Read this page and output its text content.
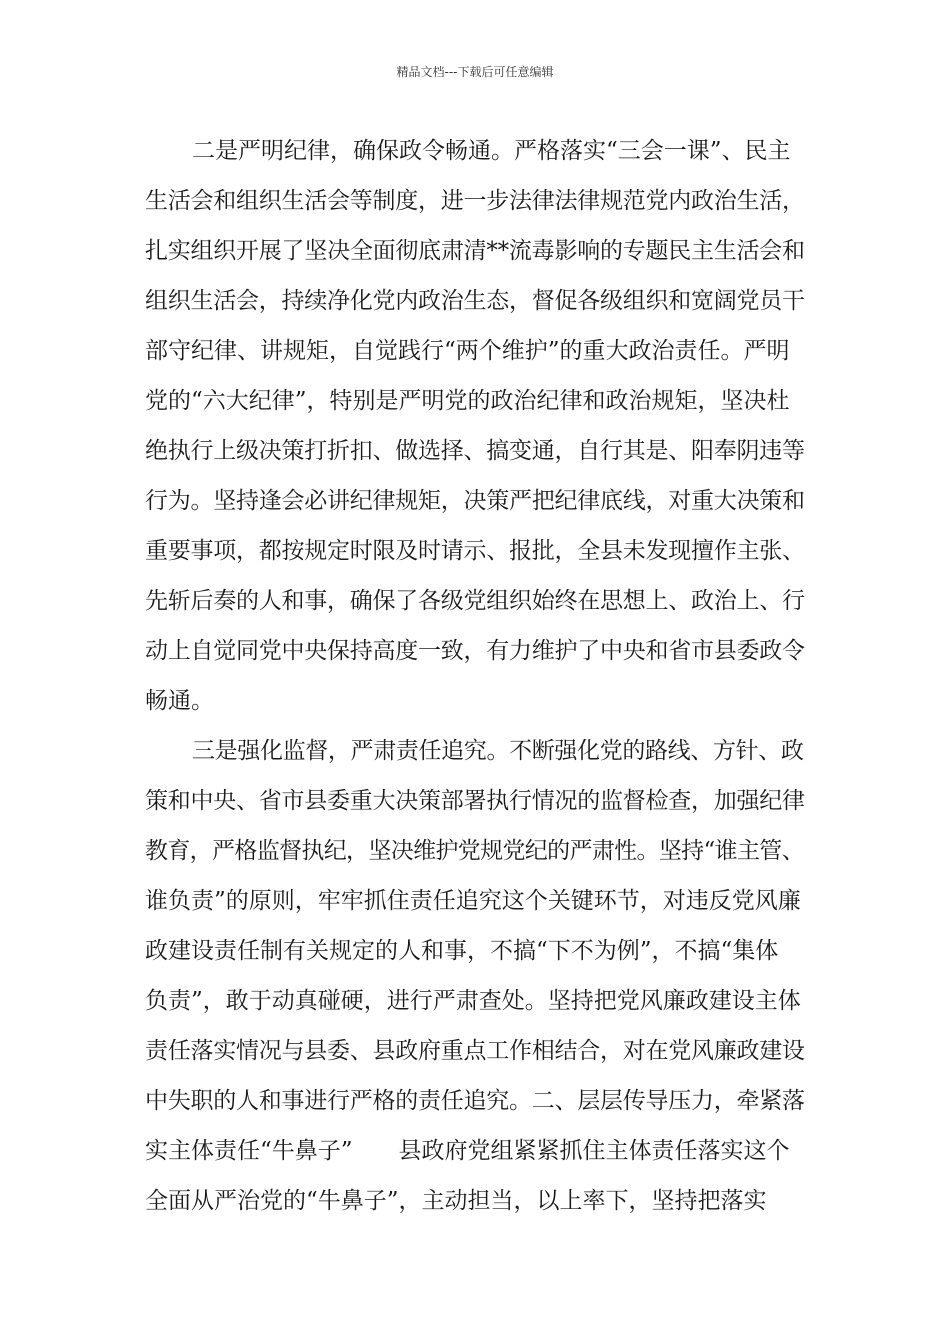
精品文档---下载后可任意编辑
二是严明纪律，确保政令畅通。严格落实“三会一课”、民主
生活会和组织生活会等制度，进一步法律法律规范党内政治生活，
扎实组织开展了坚决全面彻底肃清**流毒影响的专题民主生活会和
组织生活会，持续净化党内政治生态，督促各级组织和宽阔党员干
部守纪律、讲规矩，自觉践行“两个维护”的重大政治责任。严明
党的“六大纪律”，特别是严明党的政治纪律和政治规矩，坚决杜
绝执行上级决策打折扣、做选择、搞变通，自行其是、阳奉阴违等
行为。坚持逢会必讲纪律规矩，决策严把纪律底线，对重大决策和
重要事项，都按规定时限及时请示、报批，全县未发现擅作主张、
先斩后奏的人和事，确保了各级党组织始终在思想上、政治上、行
动上自觉同党中央保持高度一致，有力维护了中央和省市县委政令
畅通。
三是强化监督，严肃责任追究。不断强化党的路线、方针、政
策和中央、省市县委重大决策部署执行情况的监督检查，加强纪律
教育，严格监督执纪，坚决维护党规党纪的严肃性。坚持“谁主管、
谁负责”的原则，牢牢抓住责任追究这个关键环节，对违反党风廉
政建设责任制有关规定的人和事，不搞“下不为例”，不搞“集体
负责”，敢于动真碰硬，进行严肃查处。坚持把党风廉政建设主体
责任落实情况与县委、县政府重点工作相结合，对在党风廉政建设
中失职的人和事进行严格的责任追究。二、层层传导压力，牵紧落
实主体责任“牛鼻子”　　县政府党组紧紧抓住主体责任落实这个
全面从严治党的“牛鼻子”，主动担当，以上率下，坚持把落实
